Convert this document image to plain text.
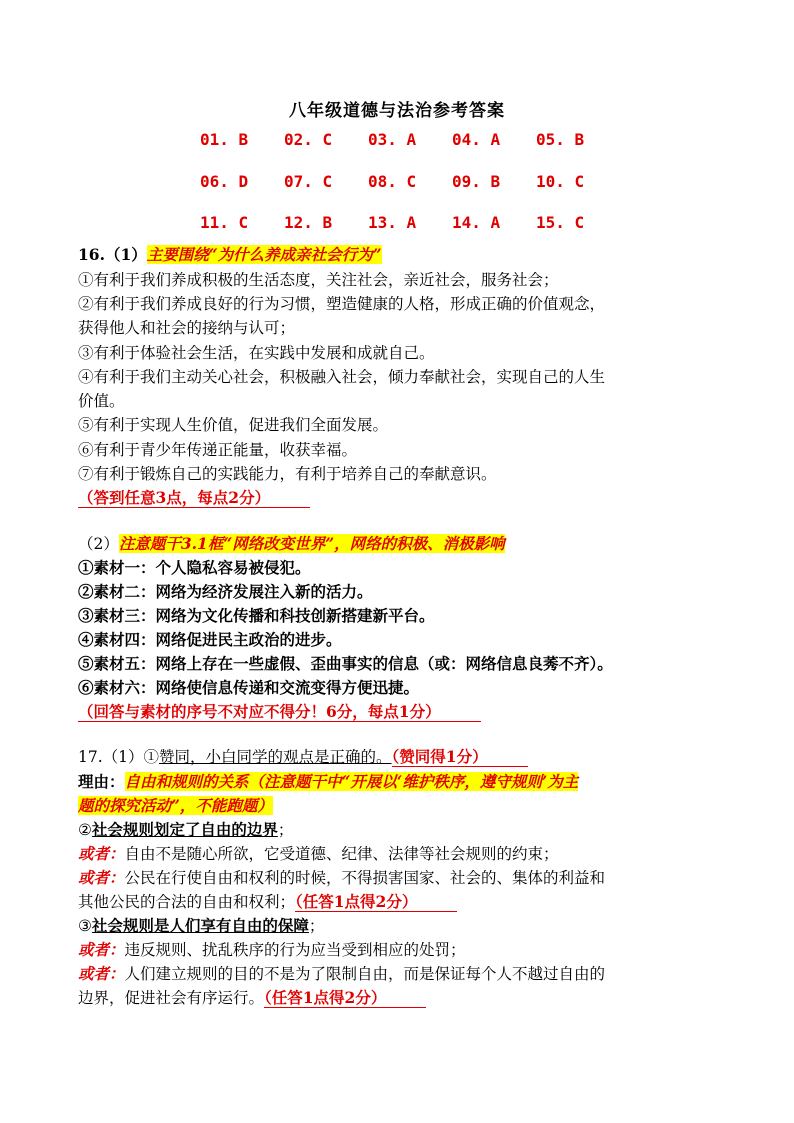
八年级道德与法治参考答案
01. B	02. C	03. A	04. A	05. B
06. D	07. C	08. C	09. B	10. C
11. C	12. B	13. A	14. A	15. C
16.（1）主要围绕“为什么养成亲社会行为”
①有利于我们养成积极的生活态度，关注社会，亲近社会，服务社会；
②有利于我们养成良好的行为习惯，塑造健康的人格，形成正确的价值观念，
获得他人和社会的接纳与认可；
③有利于体验社会生活，在实践中发展和成就自己。
④有利于我们主动关心社会，积极融入社会，倾力奉献社会，实现自己的人生
价值。
⑤有利于实现人生价值，促进我们全面发展。
⑥有利于青少年传递正能量，收获幸福。
⑦有利于锻炼自己的实践能力，有利于培养自己的奉献意识。
（答到任意3点，每点2分）
（2）注意题干3.1框“网络改变世界”，网络的积极、消极影响
①素材一：个人隐私容易被侵犯。
②素材二：网络为经济发展注入新的活力。
③素材三：网络为文化传播和科技创新搭建新平台。
④素材四：网络促进民主政治的进步。
⑤素材五：网络上存在一些虚假、歪曲事实的信息（或：网络信息良莠不齐）。
⑥素材六：网络使信息传递和交流变得方便迅捷。
（回答与素材的序号不对应不得分！6分，每点1分）
17.（1）①赞同，小白同学的观点是正确的。（赞同得1分）
理由：自由和规则的关系（注意题干中“开展以‘维护秩序，遵守规则’为主
题的探究活动”，不能跑题）
②社会规则划定了自由的边界；
或者：自由不是随心所欲，它受道德、纪律、法律等社会规则的约束；
或者：公民在行使自由和权利的时候，不得损害国家、社会的、集体的利益和
其他公民的合法的自由和权利；（任答1点得2分）
③社会规则是人们享有自由的保障；
或者：违反规则、扰乱秩序的行为应当受到相应的处罚；
或者：人们建立规则的目的不是为了限制自由，而是保证每个人不越过自由的
边界，促进社会有序运行。（任答1点得2分）
